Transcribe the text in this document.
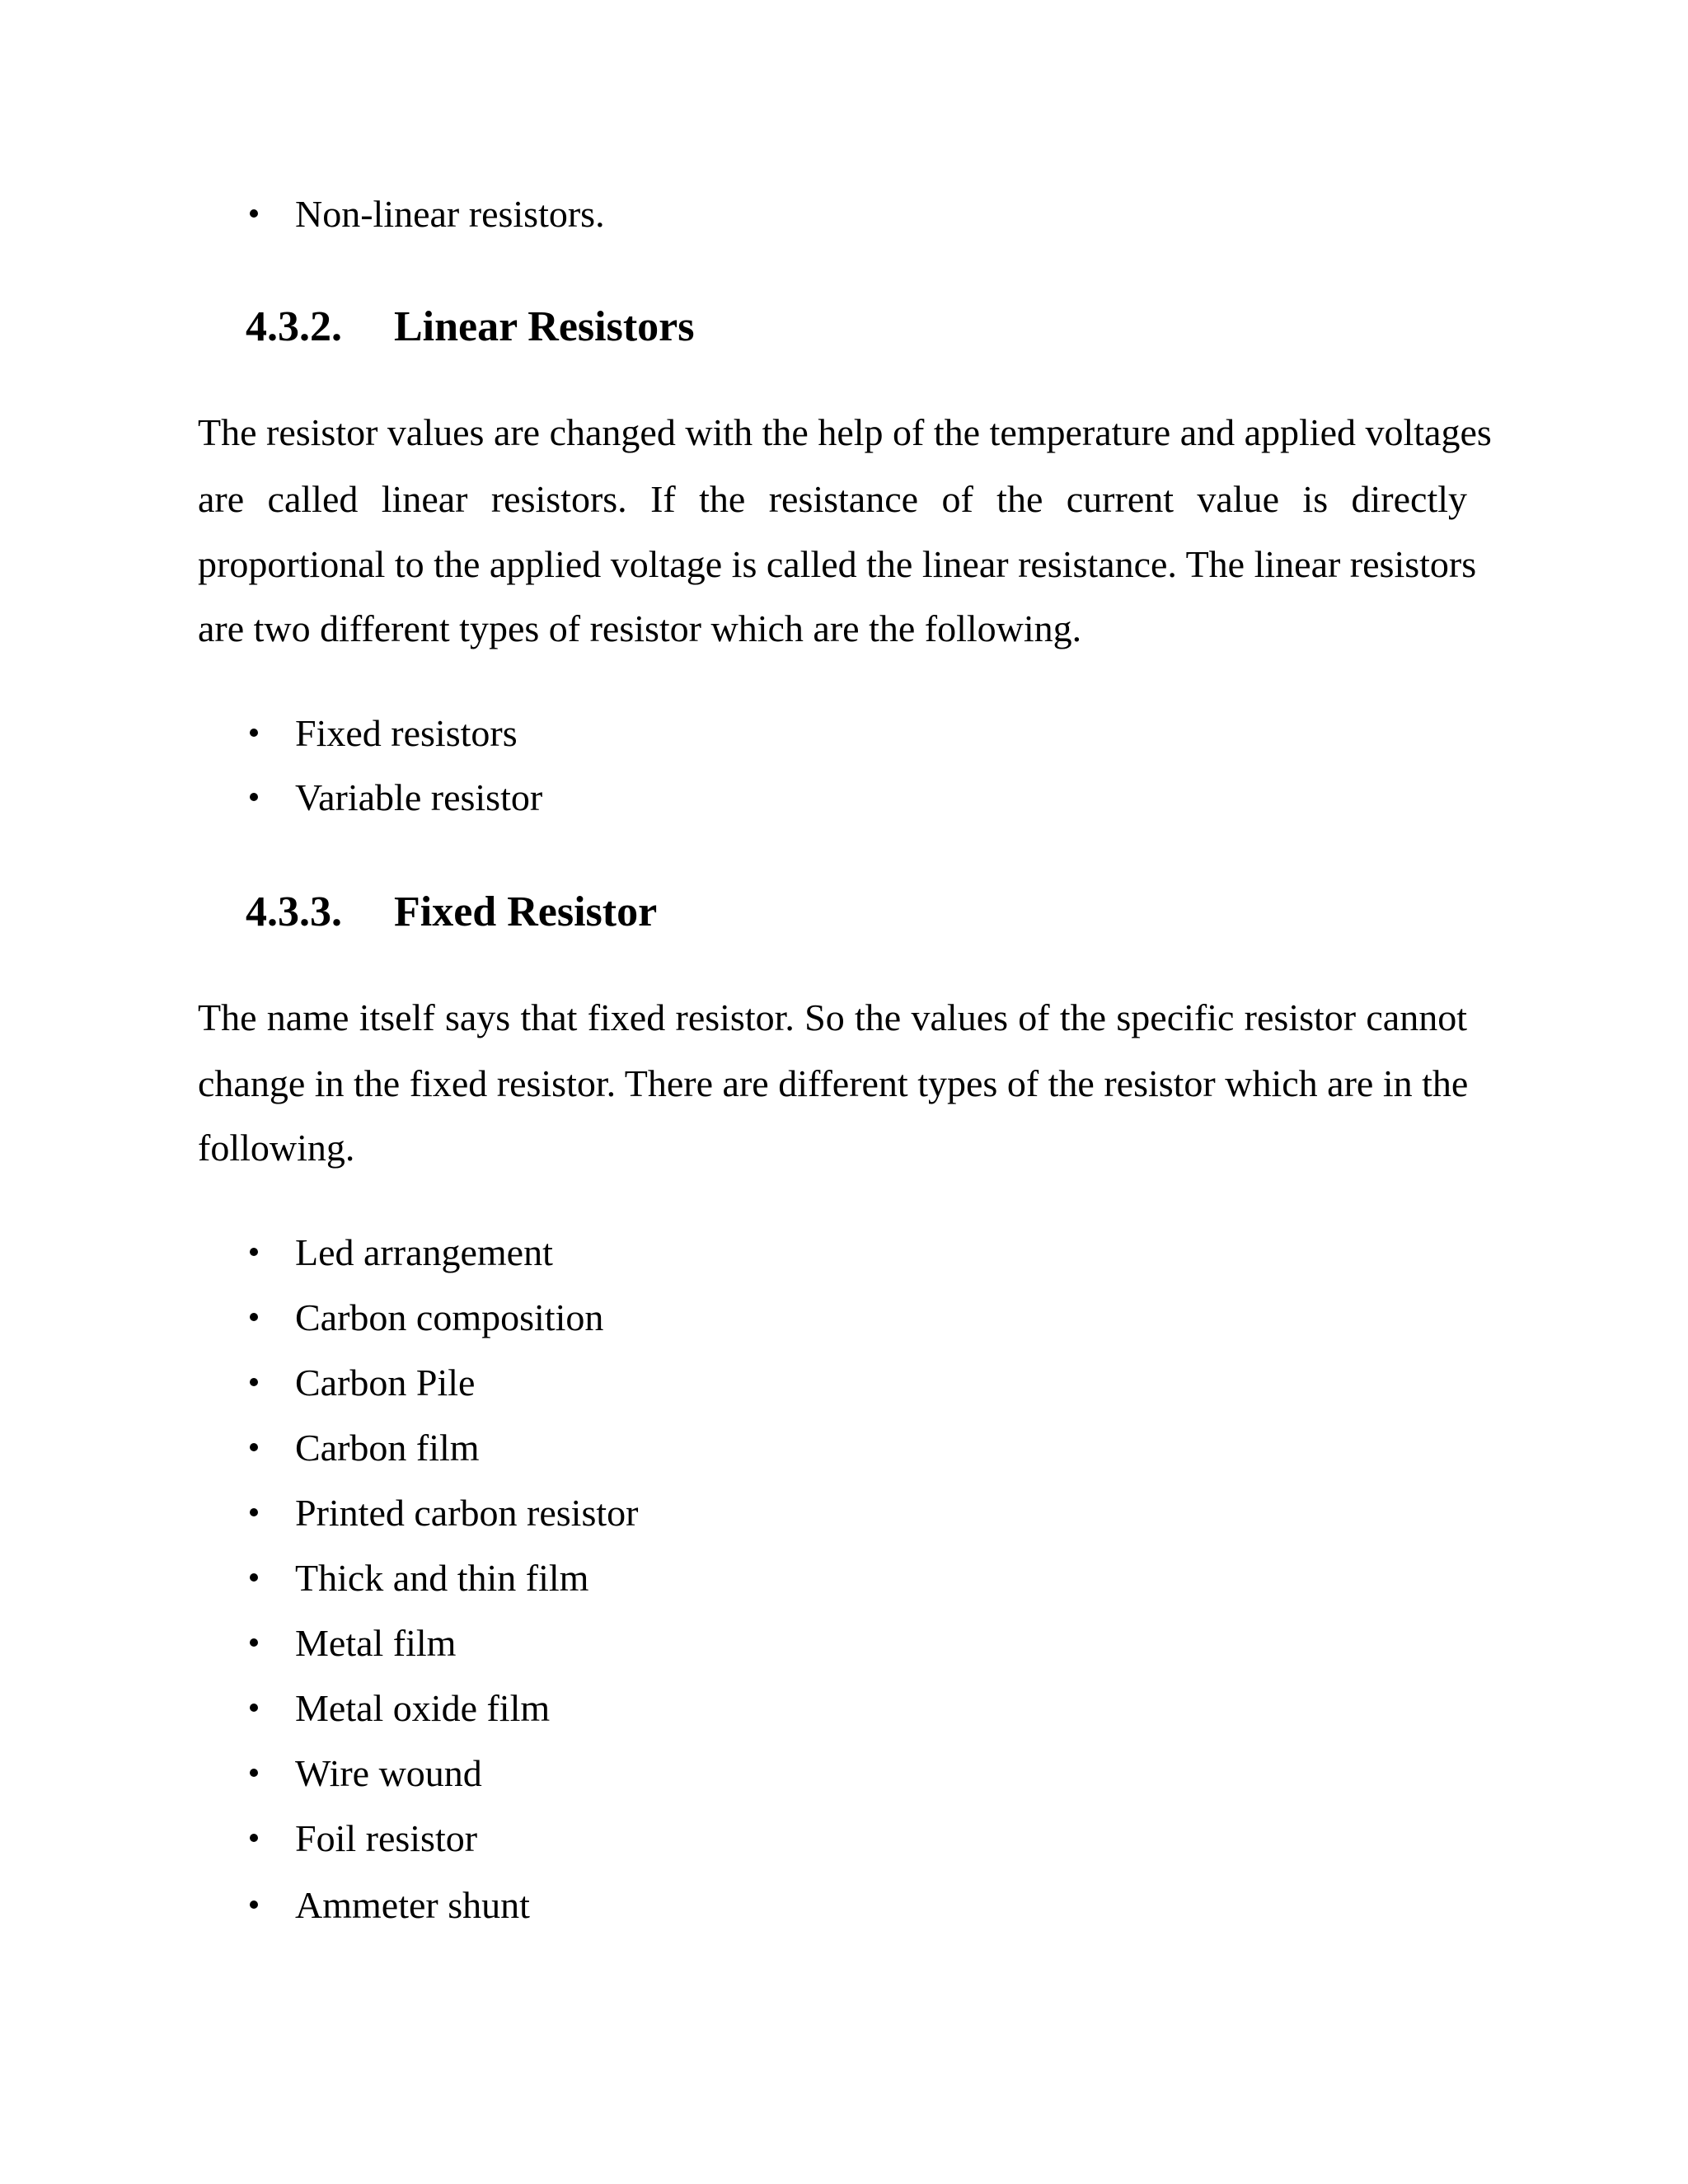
Non-linear resistors.
4.3.2. Linear Resistors
The resistor values are changed with the help of the temperature and applied voltages
are called linear resistors. If the resistance of the current value is directly
proportional to the applied voltage is called the linear resistance. The linear resistors
are two different types of resistor which are the following.
Fixed resistors
Variable resistor
4.3.3. Fixed Resistor
The name itself says that fixed resistor. So the values of the specific resistor cannot
change in the fixed resistor. There are different types of the resistor which are in the
following.
Led arrangement
Carbon composition
Carbon Pile
Carbon film
Printed carbon resistor
Thick and thin film
Metal film
Metal oxide film
Wire wound
Foil resistor
Ammeter shunt
